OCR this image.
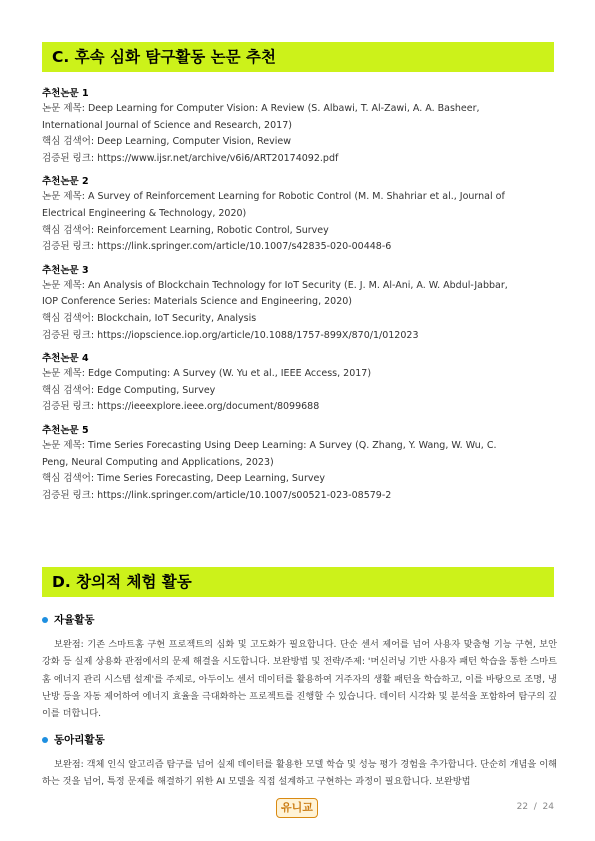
C. 후속 심화 탐구활동 논문 추천
추천논문 1
논문 제목: Deep Learning for Computer Vision: A Review (S. Albawi, T. Al-Zawi, A. A. Basheer,
International Journal of Science and Research, 2017)
핵심 검색어: Deep Learning, Computer Vision, Review
검증된 링크: https://www.ijsr.net/archive/v6i6/ART20174092.pdf
추천논문 2
논문 제목: A Survey of Reinforcement Learning for Robotic Control (M. M. Shahriar et al., Journal of
Electrical Engineering & Technology, 2020)
핵심 검색어: Reinforcement Learning, Robotic Control, Survey
검증된 링크: https://link.springer.com/article/10.1007/s42835-020-00448-6
추천논문 3
논문 제목: An Analysis of Blockchain Technology for IoT Security (E. J. M. Al-Ani, A. W. Abdul-Jabbar,
IOP Conference Series: Materials Science and Engineering, 2020)
핵심 검색어: Blockchain, IoT Security, Analysis
검증된 링크: https://iopscience.iop.org/article/10.1088/1757-899X/870/1/012023
추천논문 4
논문 제목: Edge Computing: A Survey (W. Yu et al., IEEE Access, 2017)
핵심 검색어: Edge Computing, Survey
검증된 링크: https://ieeexplore.ieee.org/document/8099688
추천논문 5
논문 제목: Time Series Forecasting Using Deep Learning: A Survey (Q. Zhang, Y. Wang, W. Wu, C.
Peng, Neural Computing and Applications, 2023)
핵심 검색어: Time Series Forecasting, Deep Learning, Survey
검증된 링크: https://link.springer.com/article/10.1007/s00521-023-08579-2
D. 창의적 체험 활동
자율활동

보완점: 기존 스마트홈 구현 프로젝트의 심화 및 고도화가 필요합니다. 단순 센서 제어를 넘어 사용자 맞춤형 기능 구현, 보안 강화 등 실제 상용화 관점에서의 문제 해결을 시도합니다. 보완방법 및 전략/주제: '머신러닝 기반 사용자 패턴 학습을 통한 스마트홈 에너지 관리 시스템 설계'를 주제로, 아두이노 센서 데이터를 활용하여 거주자의 생활 패턴을 학습하고, 이를 바탕으로 조명, 냉난방 등을 자동 제어하여 에너지 효율을 극대화하는 프로젝트를 진행할 수 있습니다. 데이터 시각화 및 분석을 포함하여 탐구의 깊이를 더합니다.

동아리활동

보완점: 객체 인식 알고리즘 탐구를 넘어 실제 데이터를 활용한 모델 학습 및 성능 평가 경험을 추가합니다. 단순히 개념을 이해하는 것을 넘어, 특정 문제를 해결하기 위한 AI 모델을 직접 설계하고 구현하는 과정이 필요합니다. 보완방법

유니교	22  /  24
